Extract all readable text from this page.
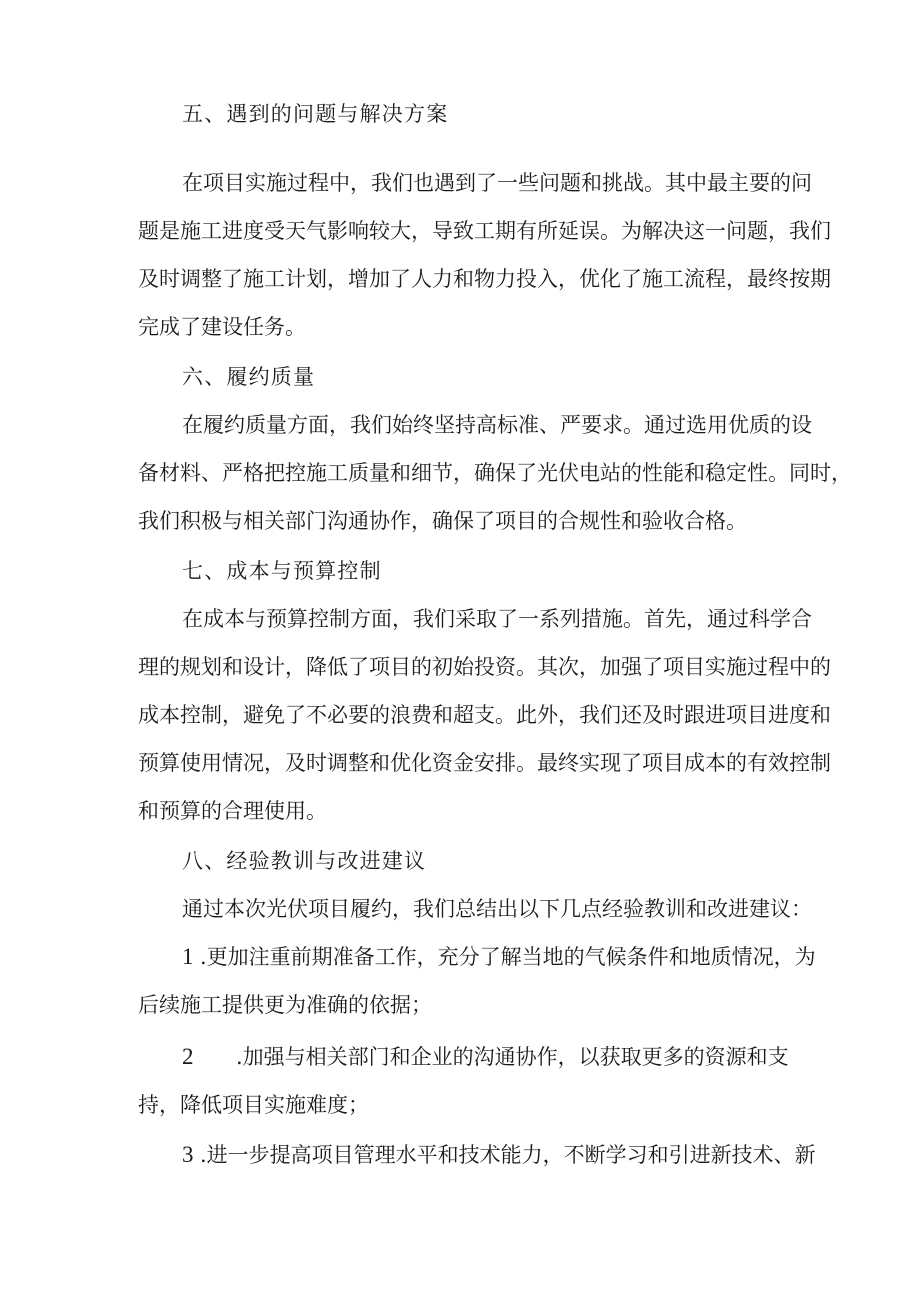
五、遇到的问题与解决方案
在项目实施过程中，我们也遇到了一些问题和挑战。其中最主要的问
题是施工进度受天气影响较大，导致工期有所延误。为解决这一问题，我们
及时调整了施工计划，增加了人力和物力投入，优化了施工流程，最终按期
完成了建设任务。
六、履约质量
在履约质量方面，我们始终坚持高标准、严要求。通过选用优质的设
备材料、严格把控施工质量和细节，确保了光伏电站的性能和稳定性。同时，
我们积极与相关部门沟通协作，确保了项目的合规性和验收合格。
七、成本与预算控制
在成本与预算控制方面，我们采取了一系列措施。首先，通过科学合
理的规划和设计，降低了项目的初始投资。其次，加强了项目实施过程中的
成本控制，避免了不必要的浪费和超支。此外，我们还及时跟进项目进度和
预算使用情况，及时调整和优化资金安排。最终实现了项目成本的有效控制
和预算的合理使用。
八、经验教训与改进建议
通过本次光伏项目履约，我们总结出以下几点经验教训和改进建议：
1 .更加注重前期准备工作，充分了解当地的气候条件和地质情况，为
后续施工提供更为准确的依据；
2 .加强与相关部门和企业的沟通协作，以获取更多的资源和支
持，降低项目实施难度；
3 .进一步提高项目管理水平和技术能力，不断学习和引进新技术、新
